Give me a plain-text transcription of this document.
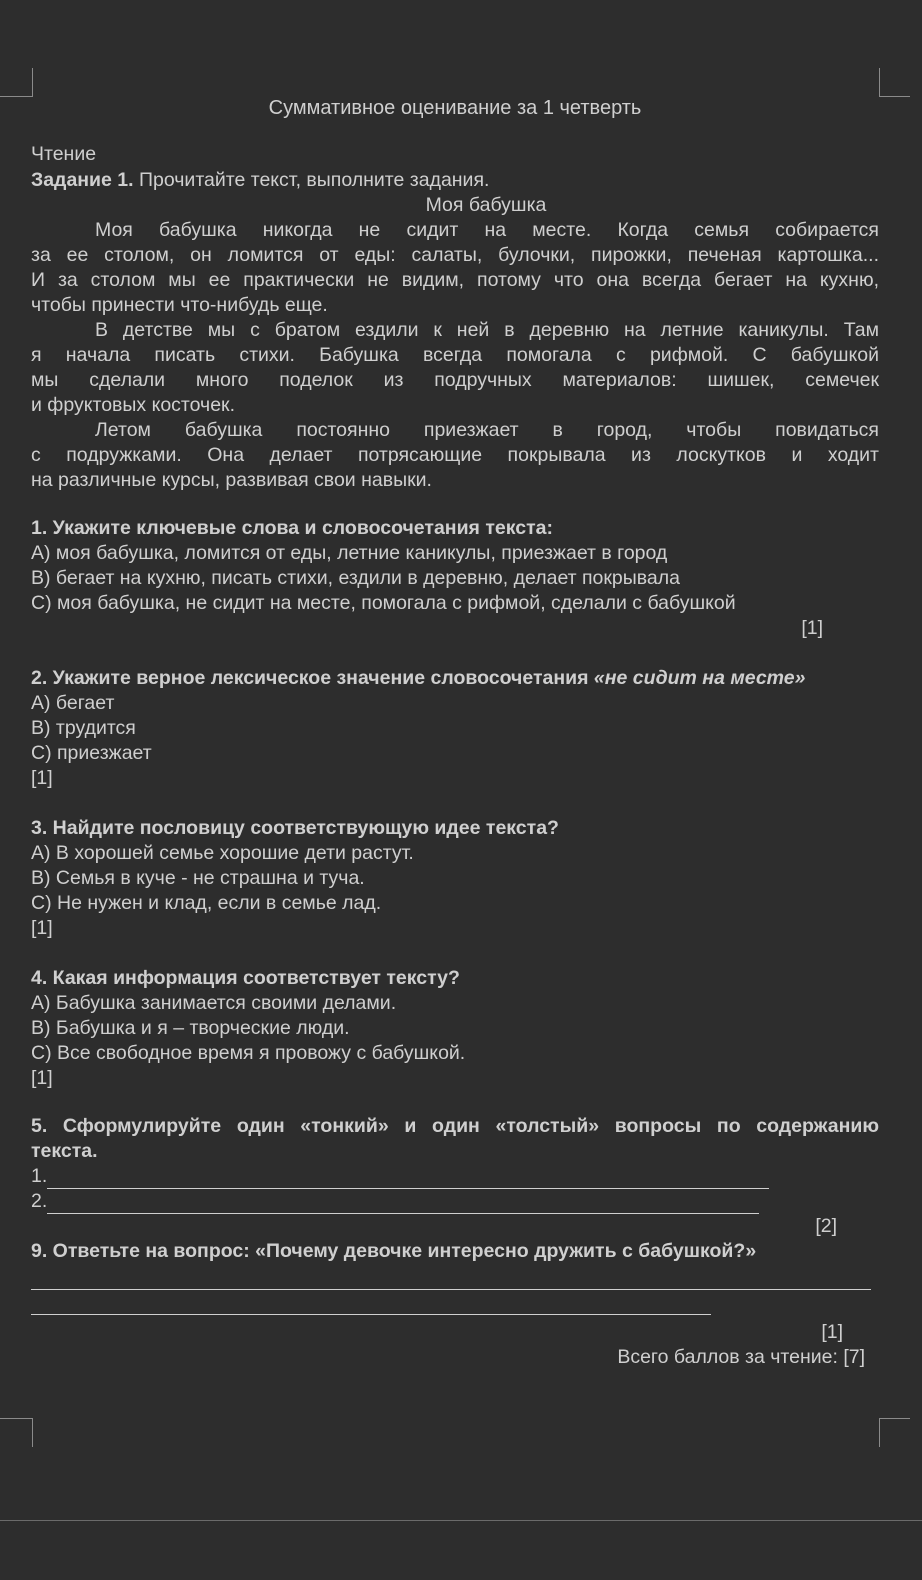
Суммативное оценивание за 1 четверть
Чтение
Задание 1. Прочитайте текст, выполните задания.
Моя бабушка
Моя бабушка никогда не сидит на месте. Когда семья собирается
за ее столом, он ломится от еды: салаты, булочки, пирожки, печеная картошка...
И за столом мы ее практически не видим, потому что она всегда бегает на кухню,
чтобы принести что-нибудь еще.
В детстве мы с братом ездили к ней в деревню на летние каникулы. Там
я начала писать стихи. Бабушка всегда помогала с рифмой. С бабушкой
мы сделали много поделок из подручных материалов: шишек, семечек
и фруктовых косточек.
Летом бабушка постоянно приезжает в город, чтобы повидаться
с подружками. Она делает потрясающие покрывала из лоскутков и ходит
на различные курсы, развивая свои навыки.
1. Укажите ключевые слова и словосочетания текста:
А) моя бабушка, ломится от еды, летние каникулы, приезжает в город
В) бегает на кухню, писать стихи, ездили в деревню, делает покрывала
С) моя бабушка, не сидит на месте, помогала с рифмой, сделали с бабушкой
[1]
2. Укажите верное лексическое значение словосочетания «не сидит на месте»
А) бегает
В) трудится
С) приезжает
[1]
3. Найдите пословицу соответствующую идее текста?
А) В хорошей семье хорошие дети растут.
В) Семья в куче - не страшна и туча.
С) Не нужен и клад, если в семье лад.
[1]
4. Какая информация соответствует тексту?
А) Бабушка занимается своими делами.
В) Бабушка и я – творческие люди.
С) Все свободное время я провожу с бабушкой.
[1]
5. Сформулируйте один «тонкий» и один «толстый» вопросы по содержанию
текста.
1.
2.
[2]
9. Ответьте на вопрос: «Почему девочке интересно дружить с бабушкой?»
[1]
Всего баллов за чтение: [7]
